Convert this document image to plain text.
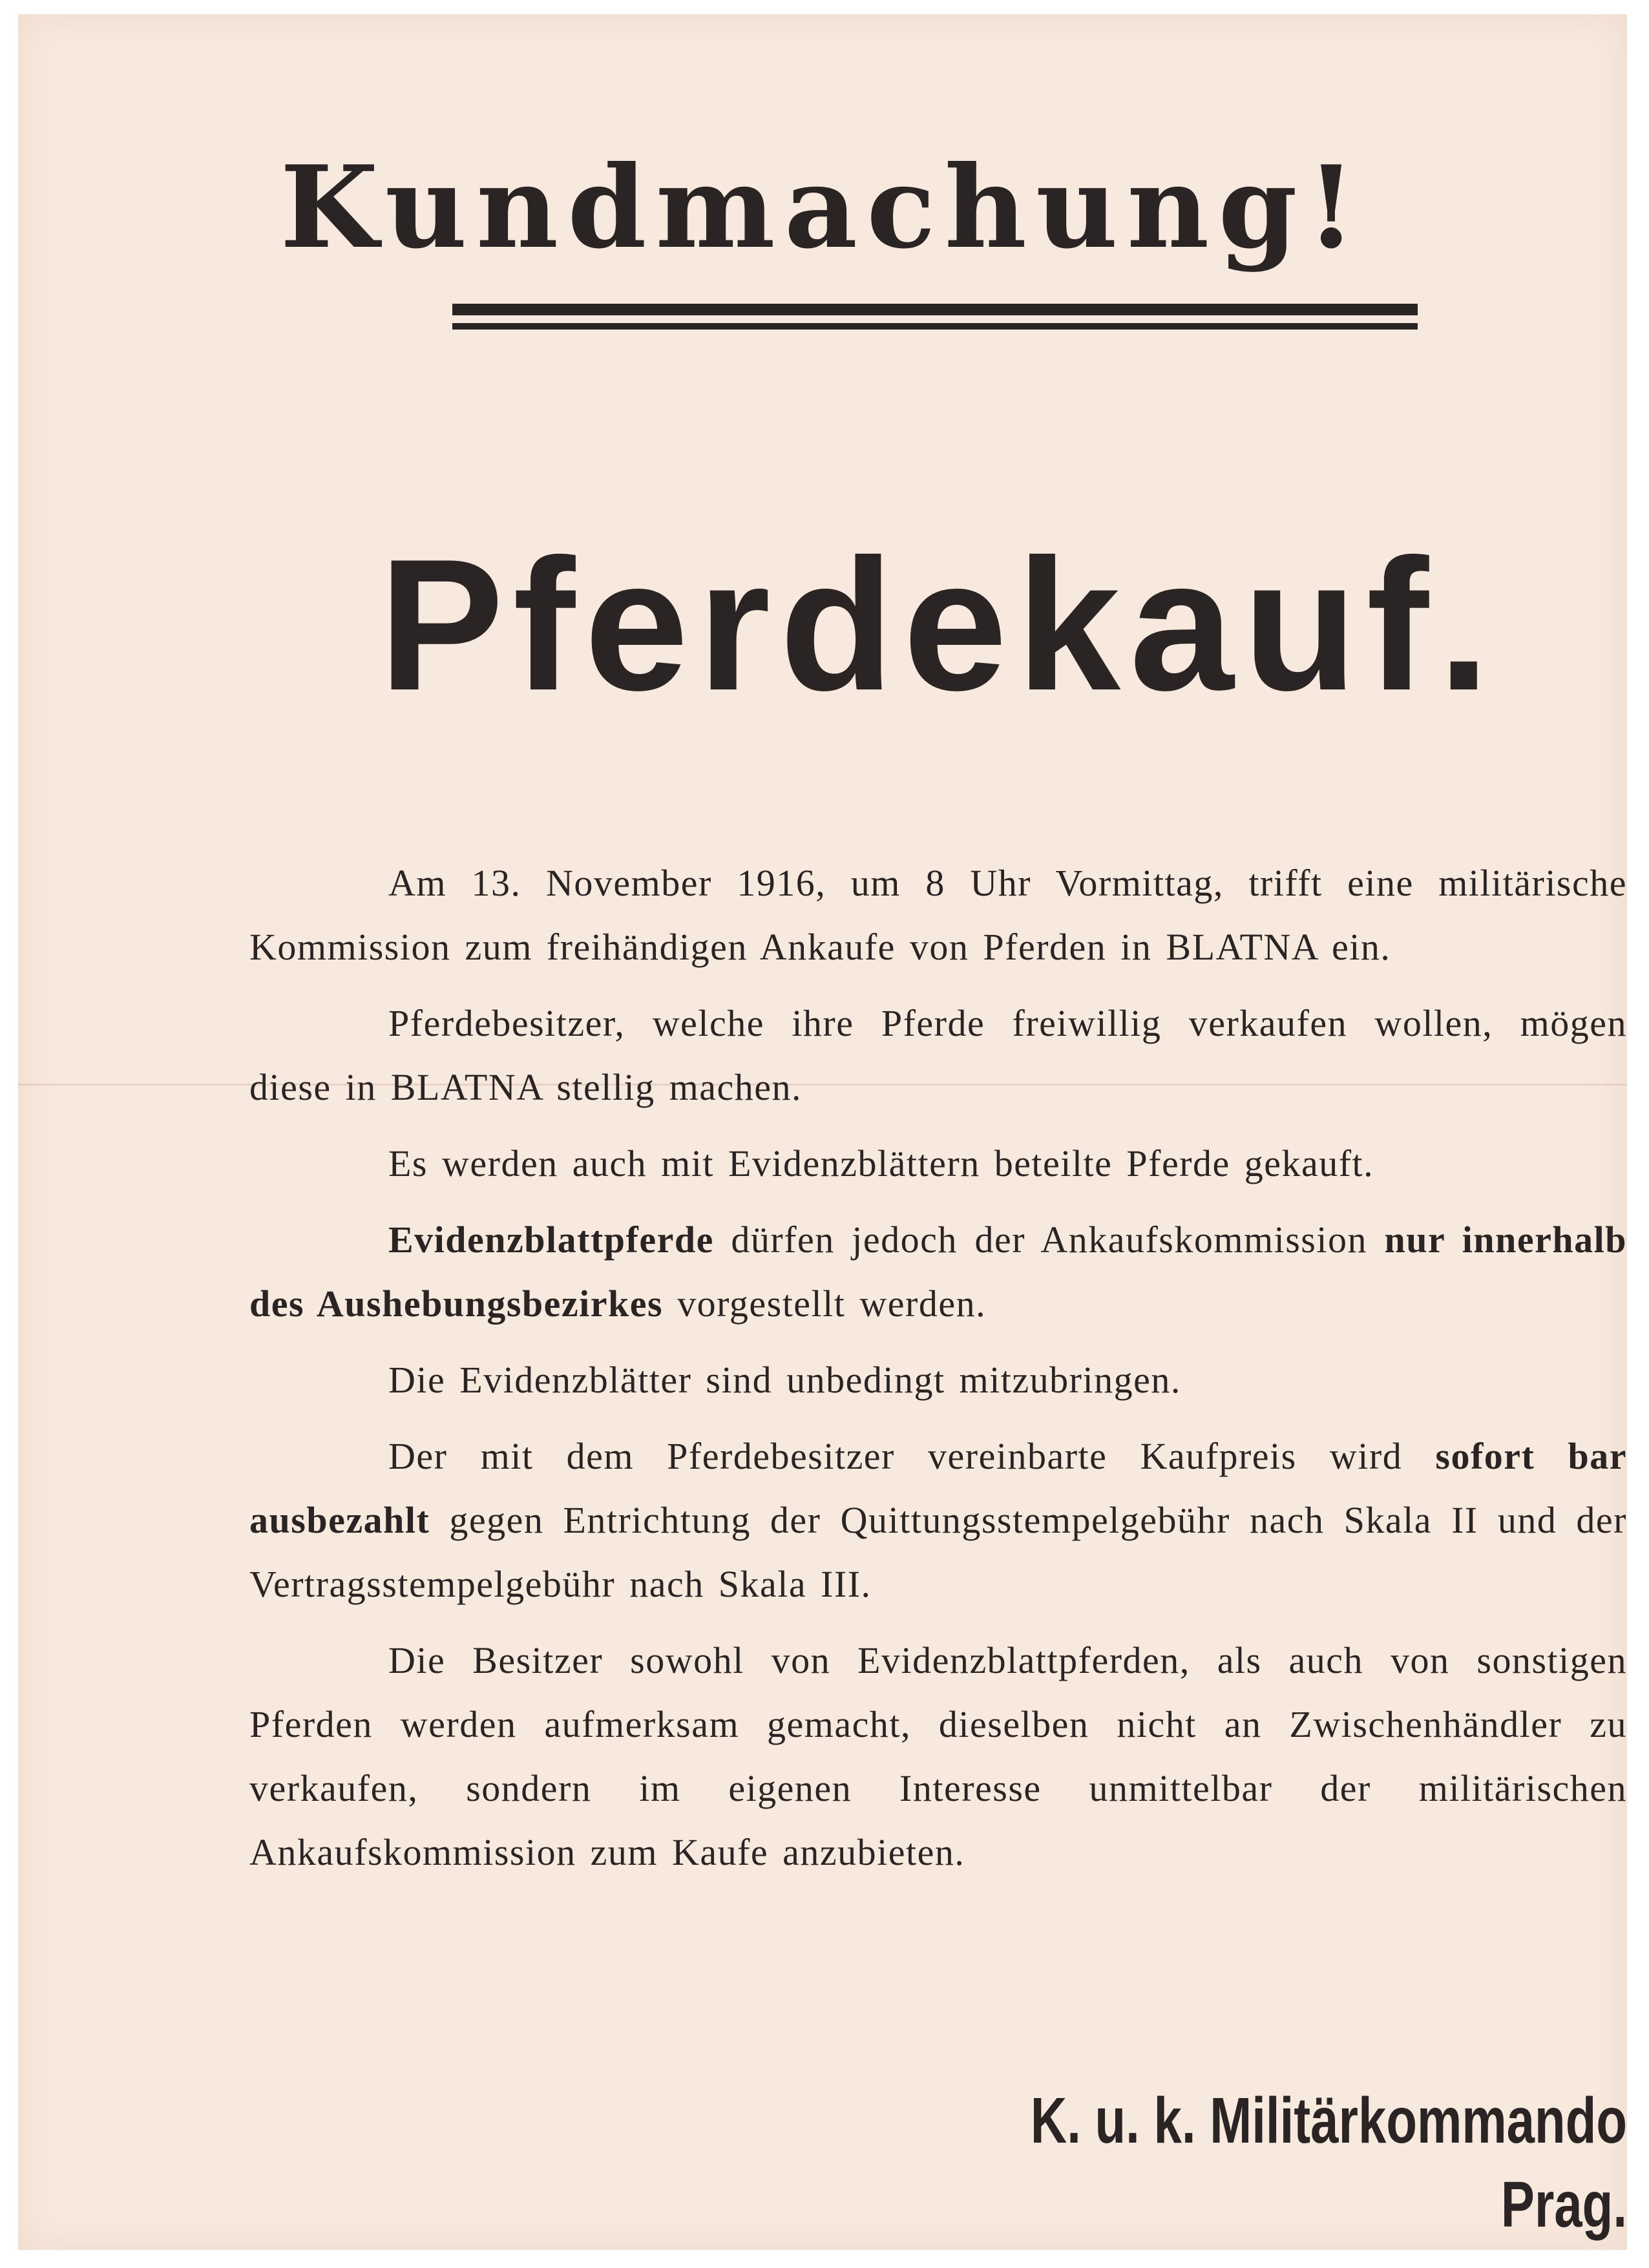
Kundmachung!
Pferdekauf.

Am 13. November 1916, um 8 Uhr Vormittag, trifft eine militärische Kommission zum freihändigen Ankaufe von Pferden in BLATNA ein.

Pferdebesitzer, welche ihre Pferde freiwillig verkaufen wollen, mögen diese in BLATNA stellig machen.

Es werden auch mit Evidenzblättern beteilte Pferde gekauft.

Evidenzblattpferde dürfen jedoch der Ankaufskommission nur innerhalb des Aushebungsbezirkes vorgestellt werden.

Die Evidenzblätter sind unbedingt mitzubringen.

Der mit dem Pferdebesitzer vereinbarte Kaufpreis wird sofort bar ausbezahlt gegen Entrichtung der Quittungsstempelgebühr nach Skala II und der Vertragsstempelgebühr nach Skala III.

Die Besitzer sowohl von Evidenzblattpferden, als auch von sonstigen Pferden werden aufmerksam gemacht, dieselben nicht an Zwischenhändler zu verkaufen, sondern im eigenen Interesse unmittelbar der militärischen Ankaufskommission zum Kaufe anzubieten.

K. u. k. Militärkommando Prag.
